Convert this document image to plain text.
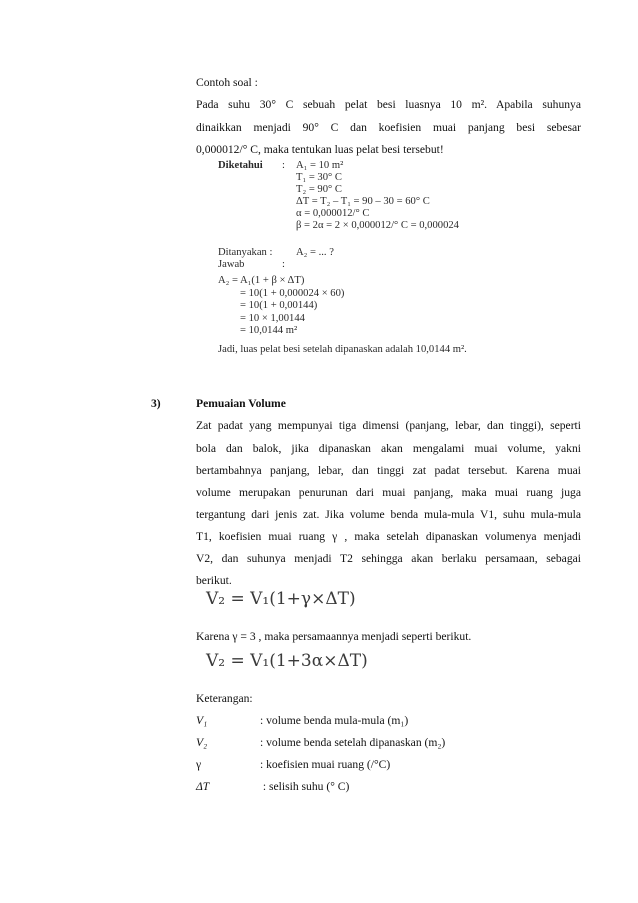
Contoh soal :
Pada suhu 30° C sebuah pelat besi luasnya 10 m². Apabila suhunya
dinaikkan menjadi 90° C dan koefisien muai panjang besi sebesar
0,000012/° C, maka tentukan luas pelat besi tersebut!
Diketahui : A₁ = 10 m²
T₁ = 30° C
T₂ = 90° C
ΔT = T₂ – T₁ = 90 – 30 = 60° C
α = 0,000012/° C
β = 2α = 2 × 0,000012/° C = 0,000024
Ditanyakan : A₂ = ... ?
Jawab	:
A₂ = A₁(1 + β × ΔT)
= 10(1 + 0,000024 × 60)
= 10(1 + 0,00144)
= 10 × 1,00144
= 10,0144 m²
Jadi, luas pelat besi setelah dipanaskan adalah 10,0144 m².
3)	Pemuaian Volume
Zat padat yang mempunyai tiga dimensi (panjang, lebar, dan tinggi), seperti
bola dan balok, jika dipanaskan akan mengalami muai volume, yakni
bertambahnya panjang, lebar, dan tinggi zat padat tersebut. Karena muai
volume merupakan penurunan dari muai panjang, maka muai ruang juga
tergantung dari jenis zat. Jika volume benda mula-mula V1, suhu mula-mula
T1, koefisien muai ruang γ , maka setelah dipanaskan volumenya menjadi
V2, dan suhunya menjadi T2 sehingga akan berlaku persamaan, sebagai
berikut.
V₂ = V₁(1+γ×ΔT)
Karena γ = 3 , maka persamaannya menjadi seperti berikut.
V₂ = V₁(1+3α×ΔT)
Keterangan:
V₁	: volume benda mula-mula (m₁)
V₂	: volume benda setelah dipanaskan (m₂)
γ	: koefisien muai ruang (/°C)
ΔT	: selisih suhu (° C)
